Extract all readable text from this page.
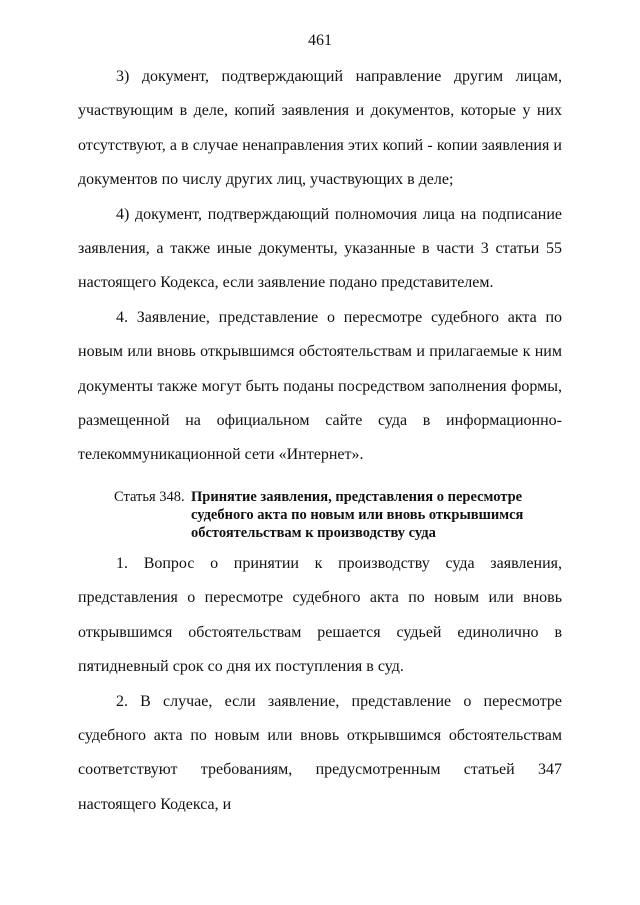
461

3) документ, подтверждающий направление другим лицам, участвующим в деле, копий заявления и документов, которые у них отсутствуют, а в случае ненаправления этих копий - копии заявления и документов по числу других лиц, участвующих в деле;

4) документ, подтверждающий полномочия лица на подписание заявления, а также иные документы, указанные в части 3 статьи 55 настоящего Кодекса, если заявление подано представителем.

4. Заявление, представление о пересмотре судебного акта по новым или вновь открывшимся обстоятельствам и прилагаемые к ним документы также могут быть поданы посредством заполнения формы, размещенной на официальном сайте суда в информационно-телекоммуникационной сети «Интернет».

Статья 348. Принятие заявления, представления о пересмотре судебного акта по новым или вновь открывшимся обстоятельствам к производству суда

1. Вопрос о принятии к производству суда заявления, представления о пересмотре судебного акта по новым или вновь открывшимся обстоятельствам решается судьей единолично в пятидневный срок со дня их поступления в суд.

2. В случае, если заявление, представление о пересмотре судебного акта по новым или вновь открывшимся обстоятельствам соответствуют требованиям, предусмотренным статьей 347 настоящего Кодекса, и
